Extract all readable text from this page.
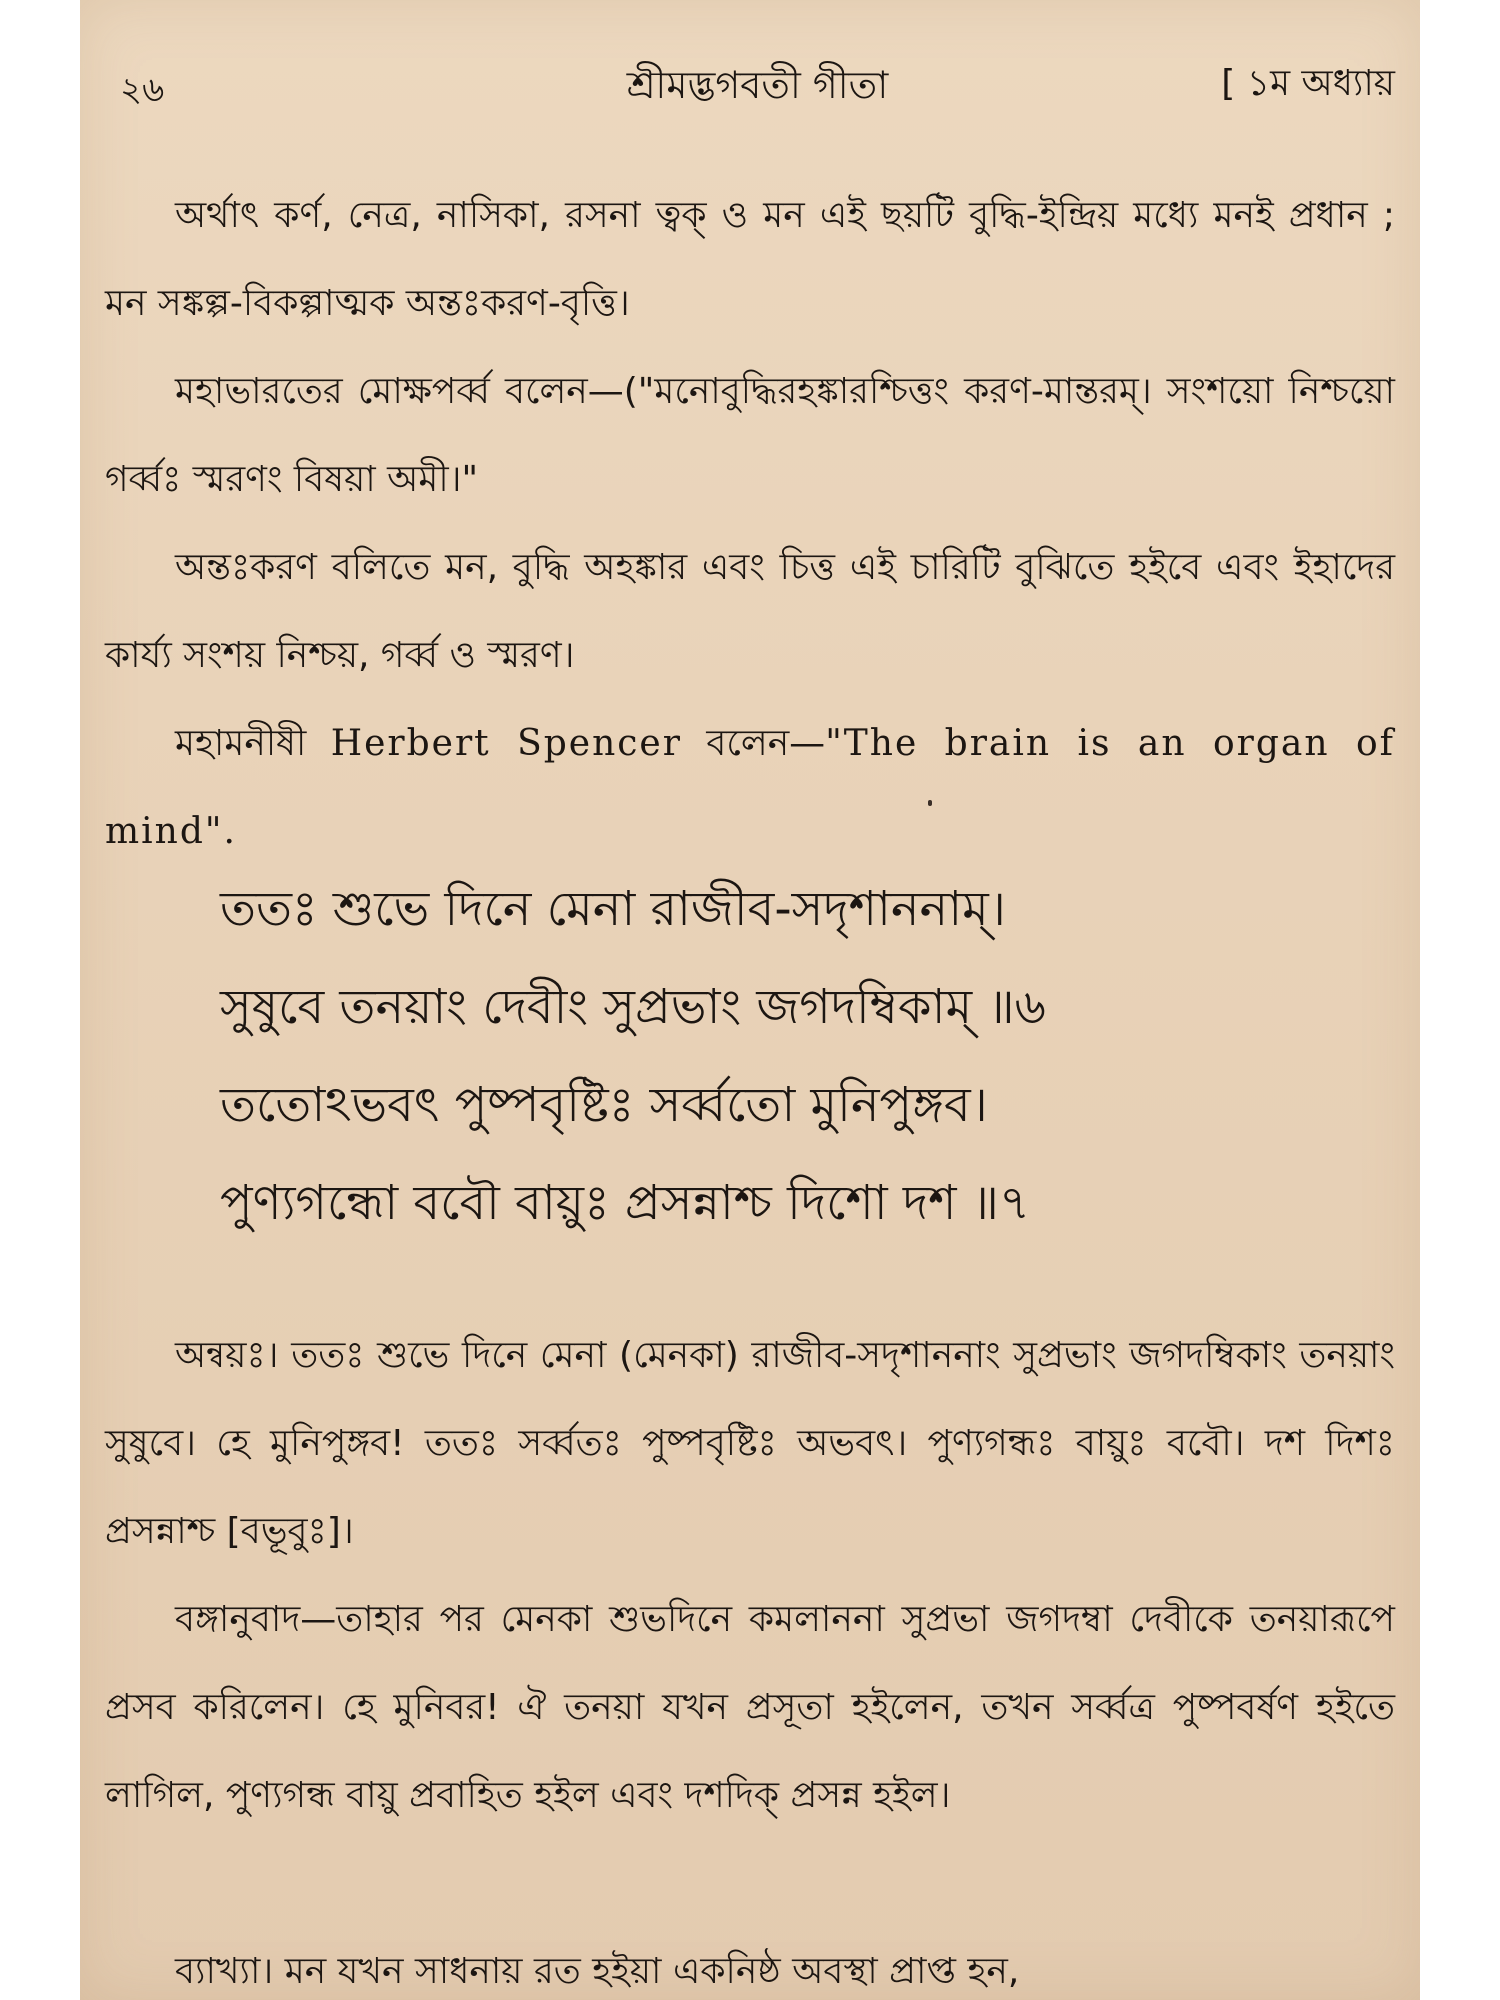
২৬	শ্রীমদ্ভগবতী গীতা	[ ১ম অধ্যায়

অর্থাৎ কর্ণ, নেত্র, নাসিকা, রসনা ত্বক্ ও মন এই ছয়টি বুদ্ধি-ইন্দ্রিয় মধ্যে মনই প্রধান ; মন সঙ্কল্প-বিকল্পাত্মক অন্তঃকরণ-বৃত্তি।

মহাভারতের মোক্ষপর্ব্ব বলেন—("মনোবুদ্ধিরহঙ্কারশ্চিত্তং করণ-মান্তরম্। সংশয়ো নিশ্চয়ো গর্ব্বঃ স্মরণং বিষয়া অমী।"

অন্তঃকরণ বলিতে মন, বুদ্ধি অহঙ্কার এবং চিত্ত এই চারিটি বুঝিতে হইবে এবং ইহাদের কার্য্য সংশয় নিশ্চয়, গর্ব্ব ও স্মরণ।

মহামনীষী Herbert Spencer বলেন—"The brain is an organ of mind".

ততঃ শুভে দিনে মেনা রাজীব-সদৃশাননাম্।
সুষুবে তনয়াং দেবীং সুপ্রভাং জগদম্বিকাম্ ॥৬
ততোঽভবৎ পুষ্পবৃষ্টিঃ সর্ব্বতো মুনিপুঙ্গব।
পুণ্যগন্ধো ববৌ বায়ুঃ প্রসন্নাশ্চ দিশো দশ ॥৭

অন্বয়ঃ। ততঃ শুভে দিনে মেনা (মেনকা) রাজীব-সদৃশাননাং সুপ্রভাং জগদম্বিকাং তনয়াং সুষুবে। হে মুনিপুঙ্গব! ততঃ সর্ব্বতঃ পুষ্পবৃষ্টিঃ অভবৎ। পুণ্যগন্ধঃ বায়ুঃ ববৌ। দশ দিশঃ প্রসন্নাশ্চ [বভূবুঃ]।

বঙ্গানুবাদ—তাহার পর মেনকা শুভদিনে কমলাননা সুপ্রভা জগদম্বা দেবীকে তনয়ারূপে প্রসব করিলেন। হে মুনিবর! ঐ তনয়া যখন প্রসূতা হইলেন, তখন সর্ব্বত্র পুষ্পবর্ষণ হইতে লাগিল, পুণ্যগন্ধ বায়ু প্রবাহিত হইল এবং দশদিক্ প্রসন্ন হইল।

ব্যাখ্যা। মন যখন সাধনায় রত হইয়া একনিষ্ঠ অবস্থা প্রাপ্ত হন,
